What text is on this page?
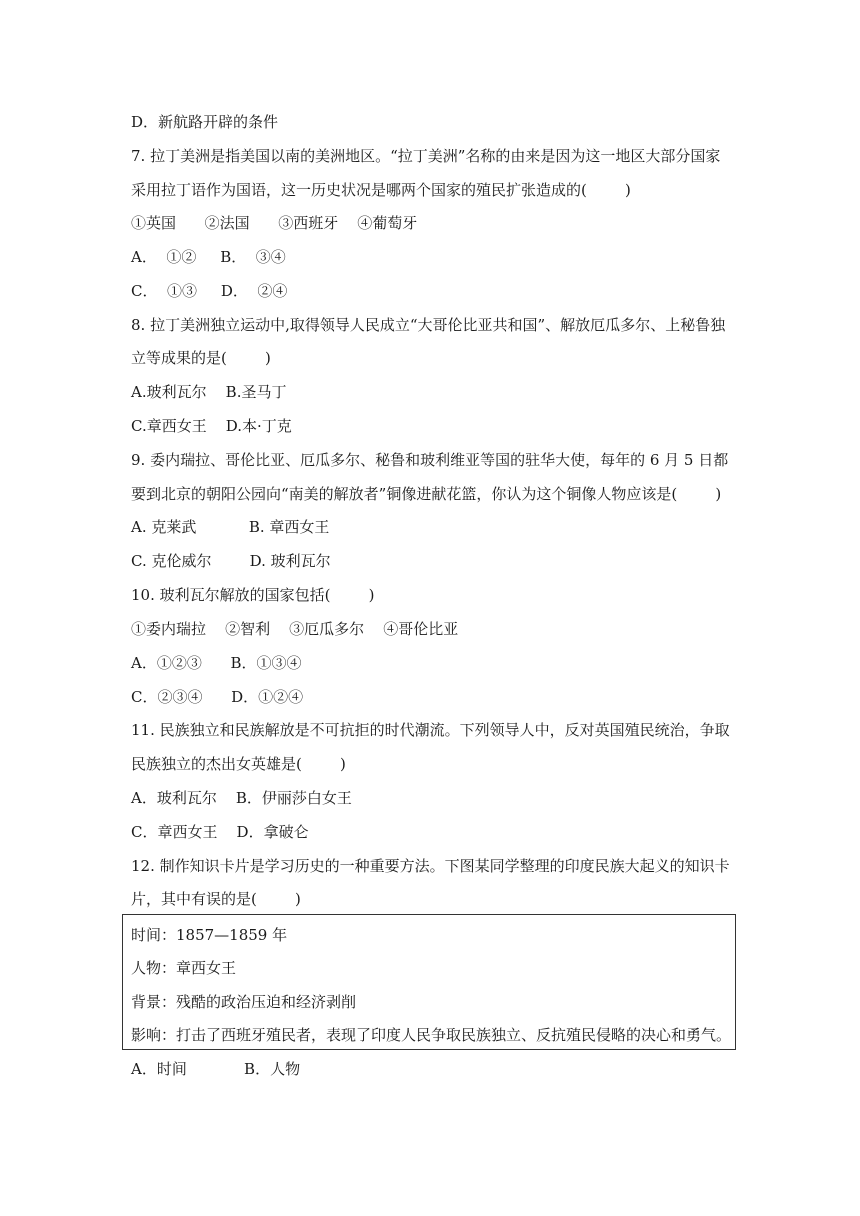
D．新航路开辟的条件
7. 拉丁美洲是指美国以南的美洲地区。“拉丁美洲”名称的由来是因为这一地区大部分国家
采用拉丁语作为国语，这一历史状况是哪两个国家的殖民扩张造成的(        )
①英国      ②法国      ③西班牙    ④葡萄牙
A．  ①②     B．  ③④
C．  ①③     D．  ②④
8. 拉丁美洲独立运动中,取得领导人民成立“大哥伦比亚共和国”、解放厄瓜多尔、上秘鲁独
立等成果的是(        )
A.玻利瓦尔    B.圣马丁
C.章西女王    D.本·丁克
9. 委内瑞拉、哥伦比亚、厄瓜多尔、秘鲁和玻利维亚等国的驻华大使，每年的 6 月 5 日都
要到北京的朝阳公园向“南美的解放者”铜像进献花篮，你认为这个铜像人物应该是(        )
A. 克莱武           B. 章西女王
C. 克伦威尔        D. 玻利瓦尔
10. 玻利瓦尔解放的国家包括(        )
①委内瑞拉    ②智利    ③厄瓜多尔    ④哥伦比亚
A．①②③      B．①③④
C．②③④      D．①②④
11. 民族独立和民族解放是不可抗拒的时代潮流。下列领导人中，反对英国殖民统治，争取
民族独立的杰出女英雄是(        )
A．玻利瓦尔    B．伊丽莎白女王
C．章西女王    D．拿破仑
12. 制作知识卡片是学习历史的一种重要方法。下图某同学整理的印度民族大起义的知识卡
片，其中有误的是(        )
时间：1857—1859 年
人物：章西女王
背景：残酷的政治压迫和经济剥削
影响：打击了西班牙殖民者，表现了印度人民争取民族独立、反抗殖民侵略的决心和勇气。
A．时间            B．人物
